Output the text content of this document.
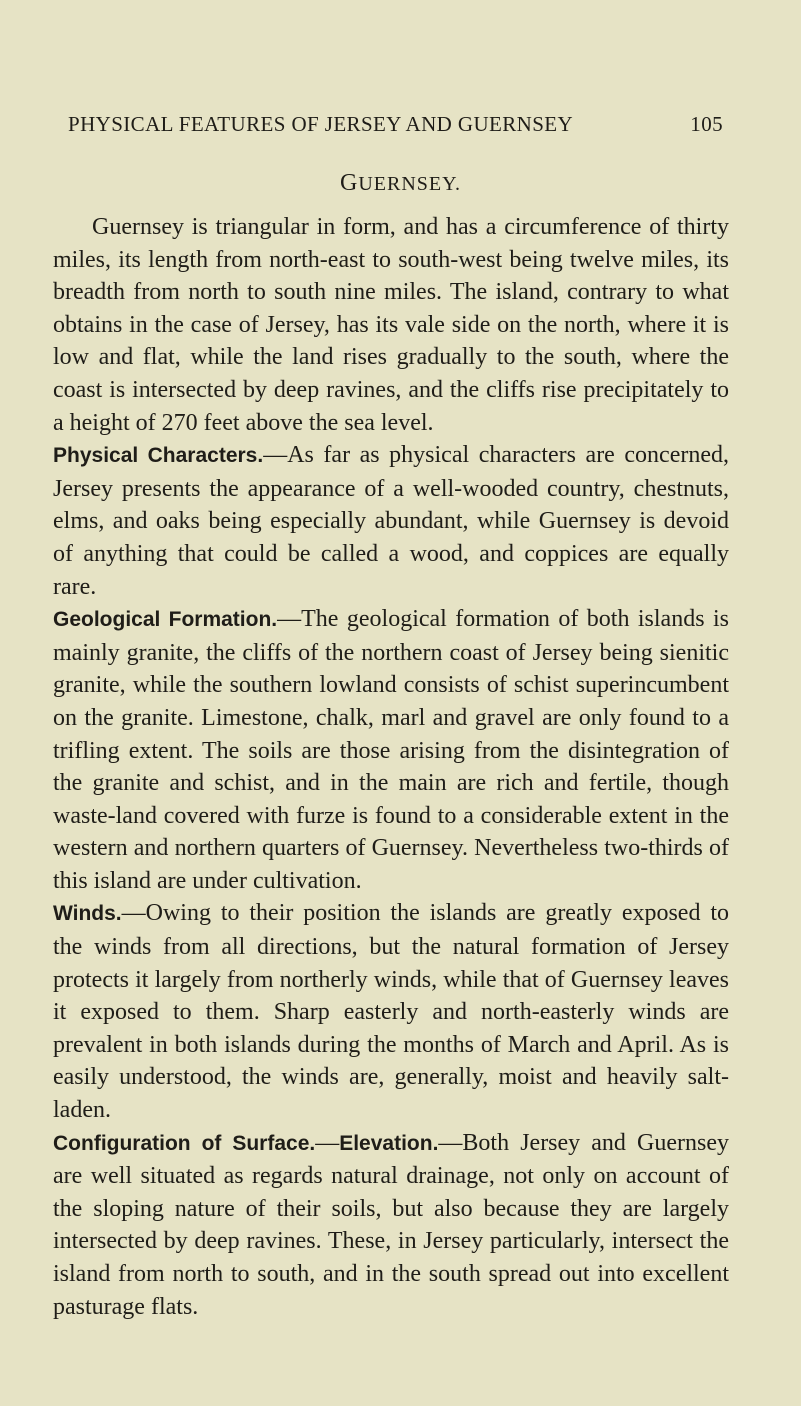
PHYSICAL FEATURES OF JERSEY AND GUERNSEY	105
GUERNSEY.

Guernsey is triangular in form, and has a circumference of thirty miles, its length from north-east to south-west being twelve miles, its breadth from north to south nine miles. The island, contrary to what obtains in the case of Jersey, has its vale side on the north, where it is low and flat, while the land rises gradually to the south, where the coast is intersected by deep ravines, and the cliffs rise precipitately to a height of 270 feet above the sea level.

Physical Characters.—As far as physical characters are concerned, Jersey presents the appearance of a well-wooded country, chestnuts, elms, and oaks being especially abundant, while Guernsey is devoid of anything that could be called a wood, and coppices are equally rare.

Geological Formation.—The geological formation of both islands is mainly granite, the cliffs of the northern coast of Jersey being sienitic granite, while the southern lowland consists of schist superincumbent on the granite. Limestone, chalk, marl and gravel are only found to a trifling extent. The soils are those arising from the disintegration of the granite and schist, and in the main are rich and fertile, though waste-land covered with furze is found to a considerable extent in the western and northern quarters of Guernsey. Nevertheless two-thirds of this island are under cultivation.

Winds.—Owing to their position the islands are greatly exposed to the winds from all directions, but the natural formation of Jersey protects it largely from northerly winds, while that of Guernsey leaves it exposed to them. Sharp easterly and north-easterly winds are prevalent in both islands during the months of March and April. As is easily understood, the winds are, generally, moist and heavily salt-laden.

Configuration of Surface.—Elevation.—Both Jersey and Guernsey are well situated as regards natural drainage, not only on account of the sloping nature of their soils, but also because they are largely intersected by deep ravines. These, in Jersey particularly, intersect the island from north to south, and in the south spread out into excellent pasturage flats.
